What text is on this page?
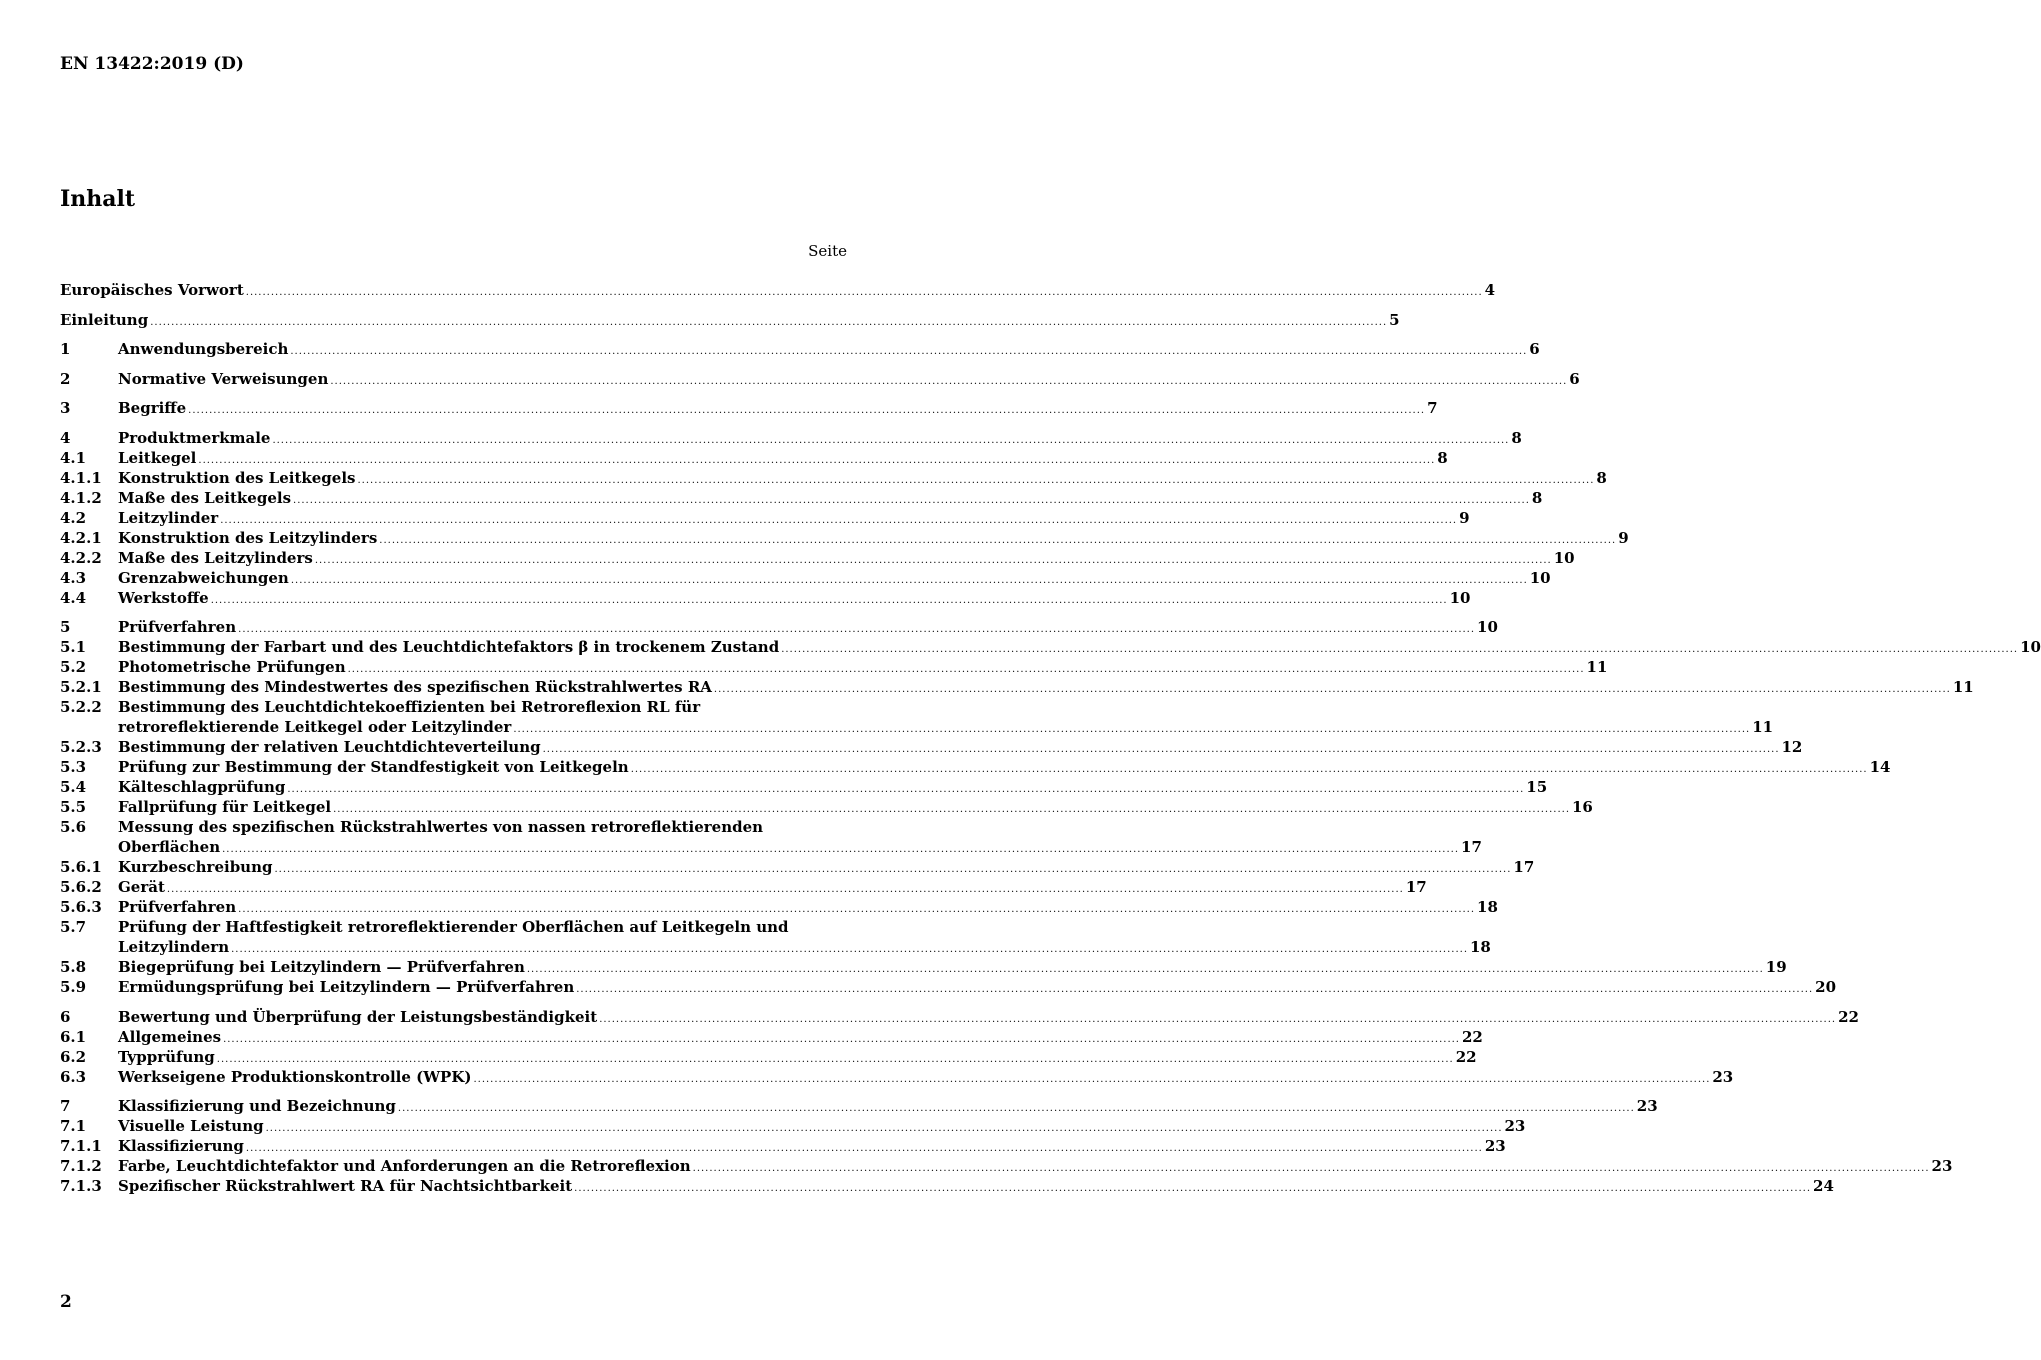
EN 13422:2019 (D)
Inhalt
Seite
Europäisches Vorwort .....	4
Einleitung .....	5
1	Anwendungsbereich .....	6
2	Normative Verweisungen .....	6
3	Begriffe .....	7
4	Produktmerkmale .....	8
4.1	Leitkegel .....	8
4.1.1	Konstruktion des Leitkegels .....	8
4.1.2	Maße des Leitkegels .....	8
4.2	Leitzylinder .....	9
4.2.1	Konstruktion des Leitzylinders .....	9
4.2.2	Maße des Leitzylinders .....	10
4.3	Grenzabweichungen .....	10
4.4	Werkstoffe .....	10
5	Prüfverfahren .....	10
5.1	Bestimmung der Farbart und des Leuchtdichtefaktors β in trockenem Zustand .....	10
5.2	Photometrische Prüfungen .....	11
5.2.1	Bestimmung des Mindestwertes des spezifischen Rückstrahlwertes RA .....	11
5.2.2	Bestimmung des Leuchtdichtekoeffizienten bei Retroreflexion RL für
retroreflektierende Leitkegel oder Leitzylinder .....	11
5.2.3	Bestimmung der relativen Leuchtdichteverteilung .....	12
5.3	Prüfung zur Bestimmung der Standfestigkeit von Leitkegeln .....	14
5.4	Kälteschlagprüfung .....	15
5.5	Fallprüfung für Leitkegel .....	16
5.6	Messung des spezifischen Rückstrahlwertes von nassen retroreflektierenden
Oberflächen .....	17
5.6.1	Kurzbeschreibung .....	17
5.6.2	Gerät .....	17
5.6.3	Prüfverfahren .....	18
5.7	Prüfung der Haftfestigkeit retroreflektierender Oberflächen auf Leitkegeln und
Leitzylindern .....	18
5.8	Biegeprüfung bei Leitzylindern — Prüfverfahren .....	19
5.9	Ermüdungsprüfung bei Leitzylindern — Prüfverfahren .....	20
6	Bewertung und Überprüfung der Leistungsbeständigkeit .....	22
6.1	Allgemeines .....	22
6.2	Typprüfung .....	22
6.3	Werkseigene Produktionskontrolle (WPK) .....	23
7	Klassifizierung und Bezeichnung .....	23
7.1	Visuelle Leistung .....	23
7.1.1	Klassifizierung .....	23
7.1.2	Farbe, Leuchtdichtefaktor und Anforderungen an die Retroreflexion .....	23
7.1.3	Spezifischer Rückstrahlwert RA für Nachtsichtbarkeit .....	24
2
